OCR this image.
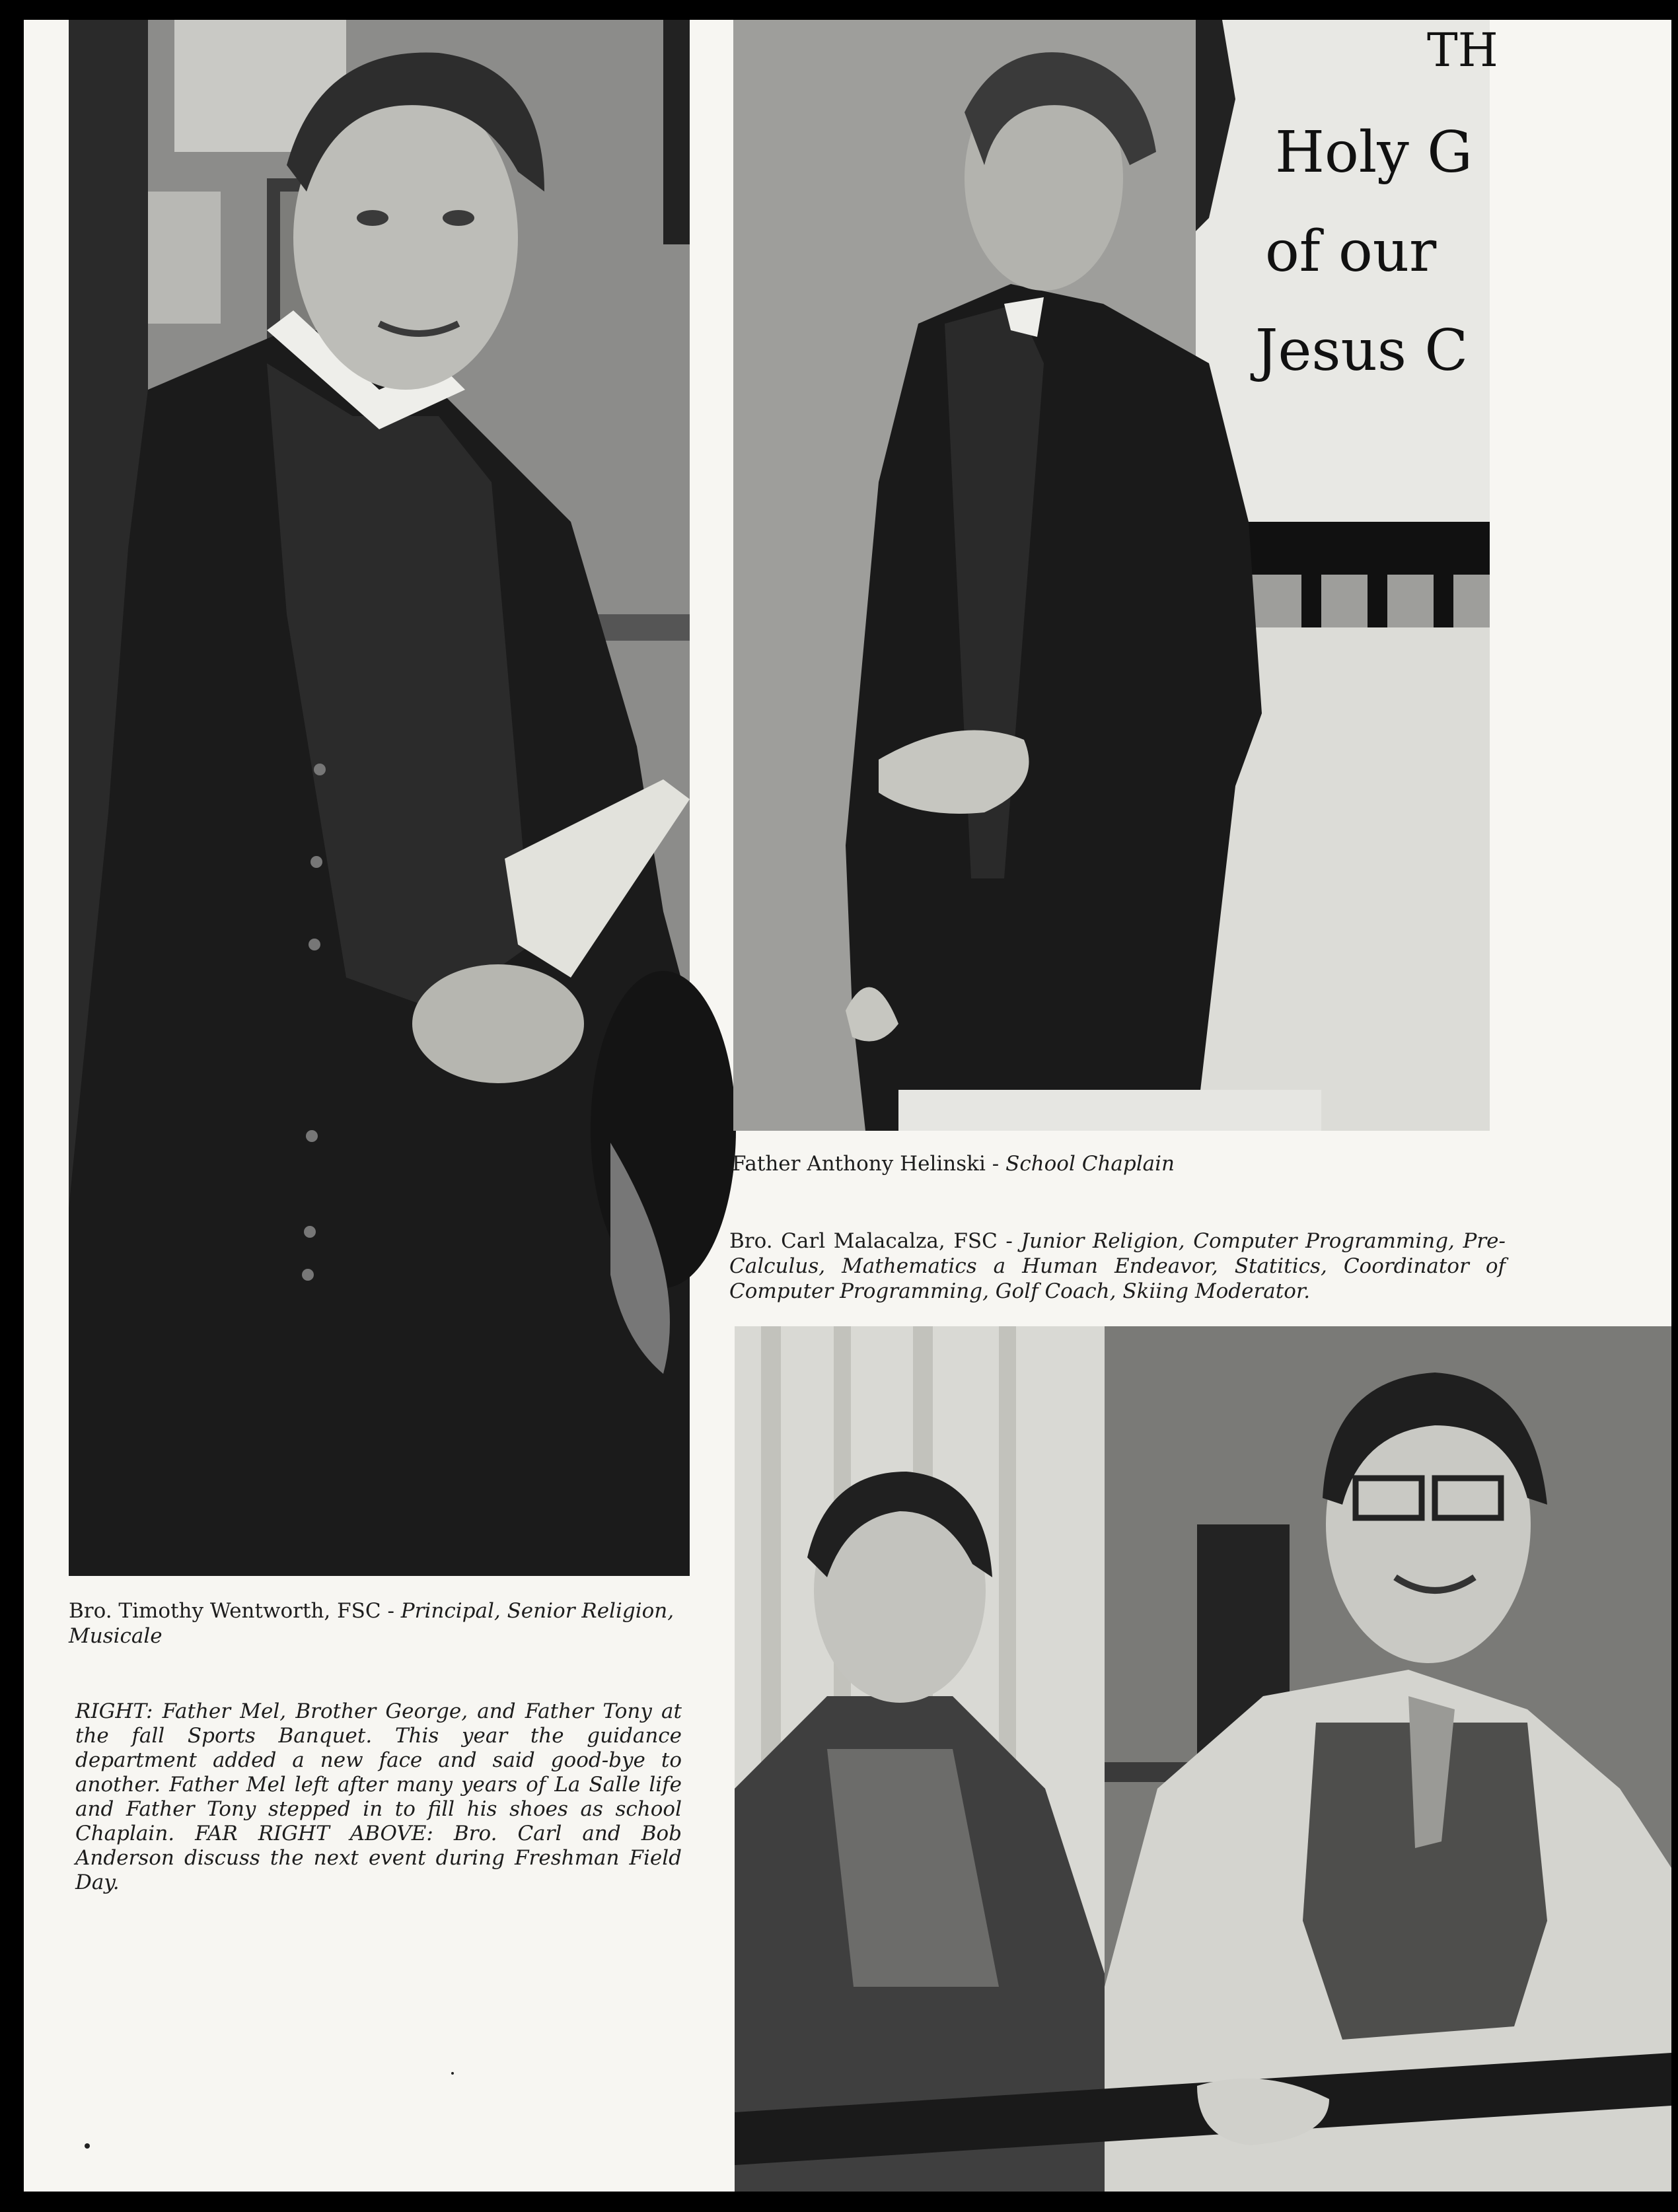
Holy G
of our
Jesus C
TH
Father Anthony Helinski - School Chaplain
Bro. Carl Malacalza, FSC - Junior Religion, Computer Programming, Pre-Calculus, Mathematics a Human Endeavor, Statitics, Coordinator of Computer Programming, Golf Coach, Skiing Moderator.
Bro. Timothy Wentworth, FSC - Principal, Senior Religion, Musicale
RIGHT: Father Mel, Brother George, and Father Tony at the fall Sports Banquet. This year the guidance department added a new face and said good-bye to another. Father Mel left after many years of La Salle life and Father Tony stepped in to fill his shoes as school Chaplain. FAR RIGHT ABOVE: Bro. Carl and Bob Anderson discuss the next event during Freshman Field Day.
